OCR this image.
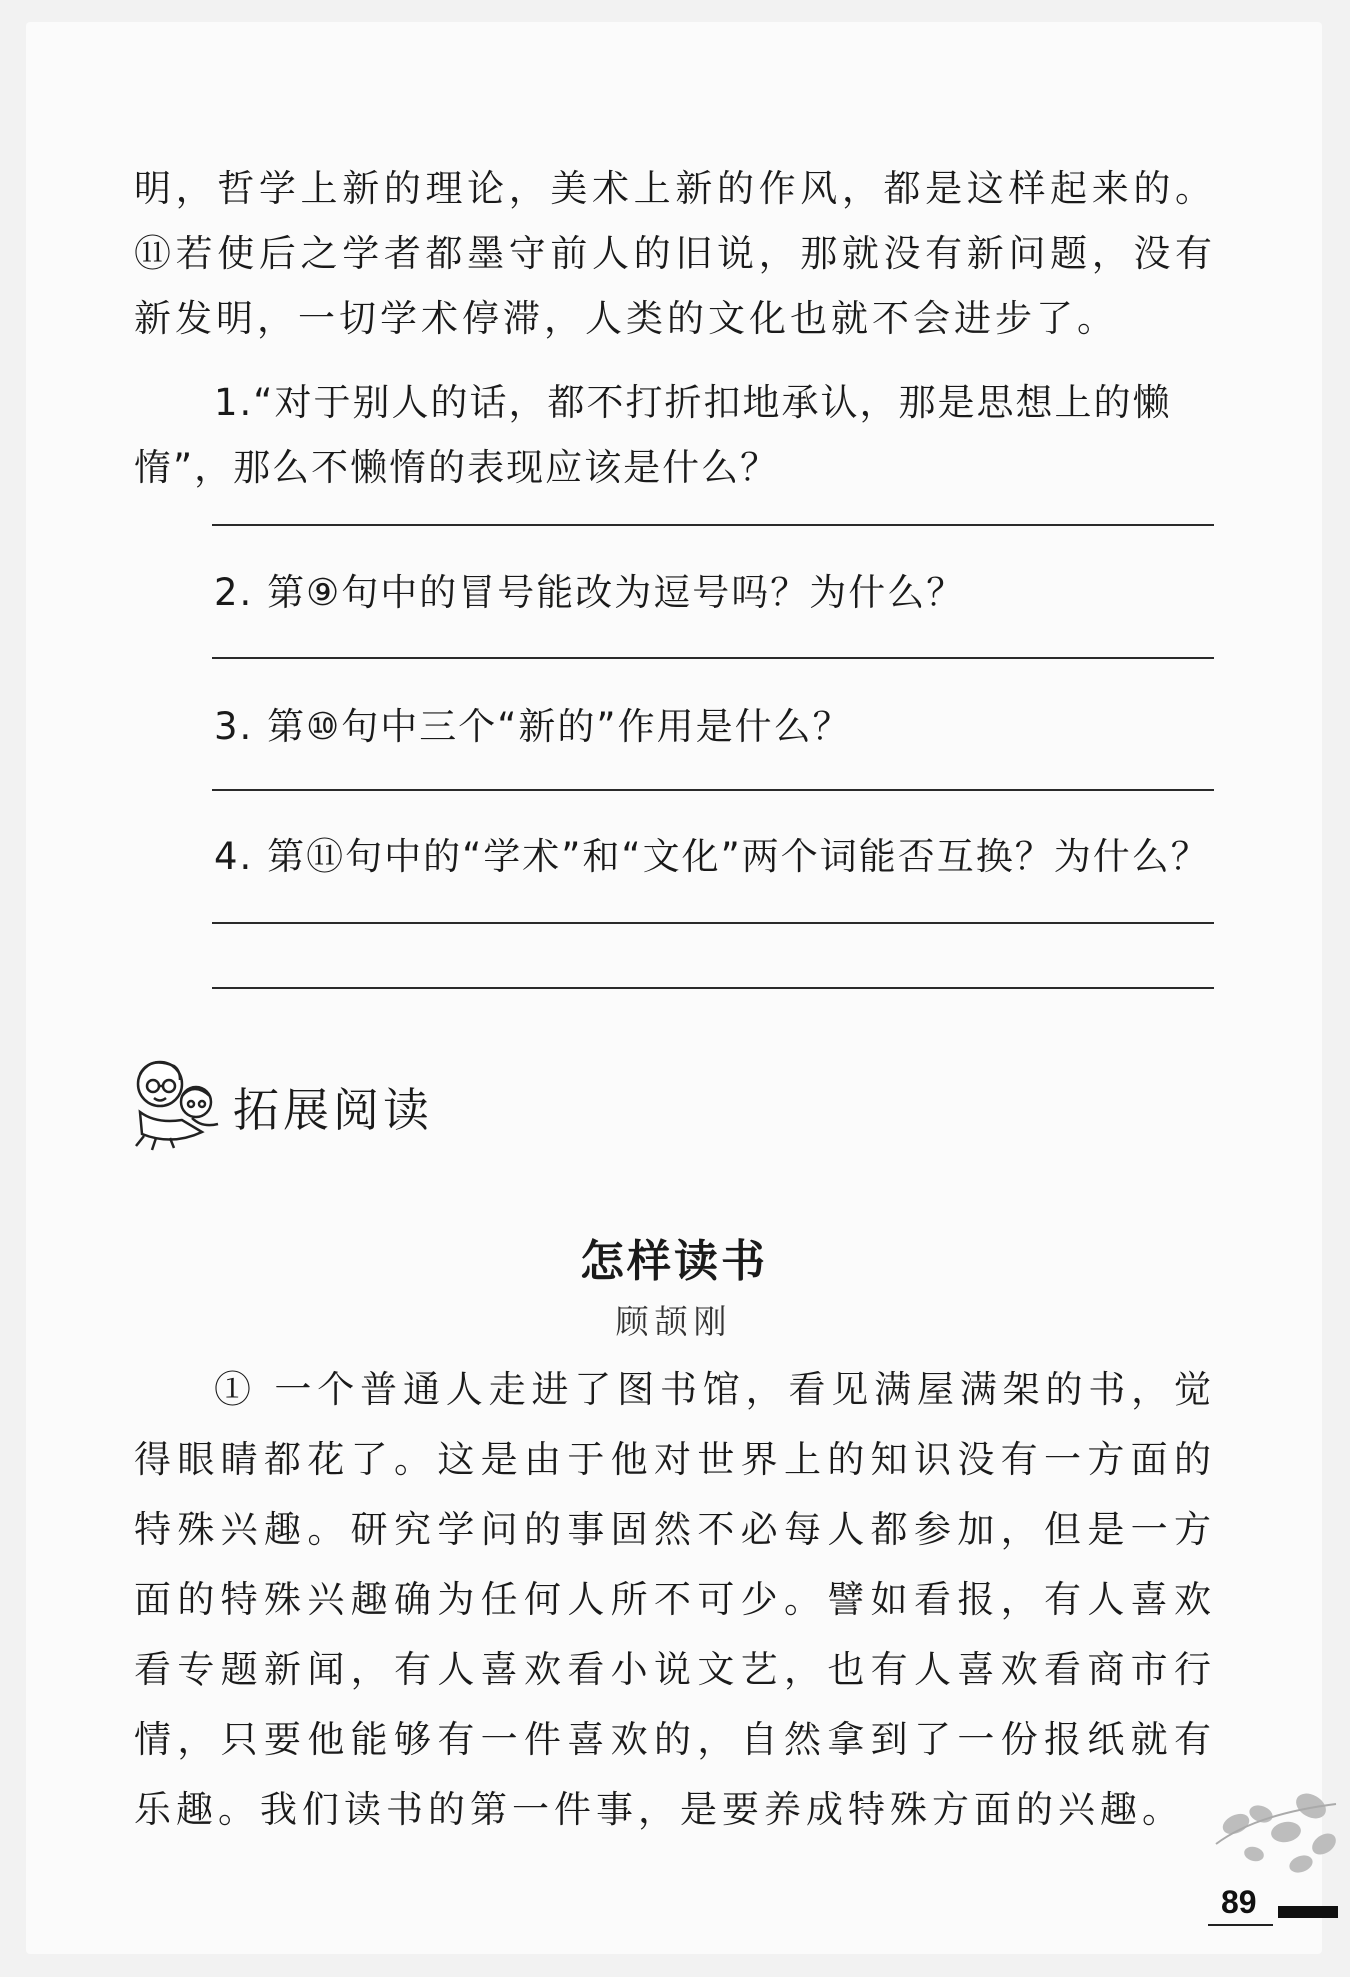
明，哲学上新的理论，美术上新的作风，都是这样起来的。⑪若使后之学者都墨守前人的旧说，那就没有新问题，没有新发明，一切学术停滞，人类的文化也就不会进步了。

1.“对于别人的话，都不打折扣地承认，那是思想上的懒惰”，那么不懒惰的表现应该是什么？

2. 第⑨句中的冒号能改为逗号吗？为什么？

3. 第⑩句中三个“新的”作用是什么？

4. 第⑪句中的“学术”和“文化”两个词能否互换？为什么？

拓展阅读
怎样读书
顾颉刚

① 一个普通人走进了图书馆，看见满屋满架的书，觉得眼睛都花了。这是由于他对世界上的知识没有一方面的特殊兴趣。研究学问的事固然不必每人都参加，但是一方面的特殊兴趣确为任何人所不可少。譬如看报，有人喜欢看专题新闻，有人喜欢看小说文艺，也有人喜欢看商市行情，只要他能够有一件喜欢的，自然拿到了一份报纸就有乐趣。我们读书的第一件事，是要养成特殊方面的兴趣。

89
